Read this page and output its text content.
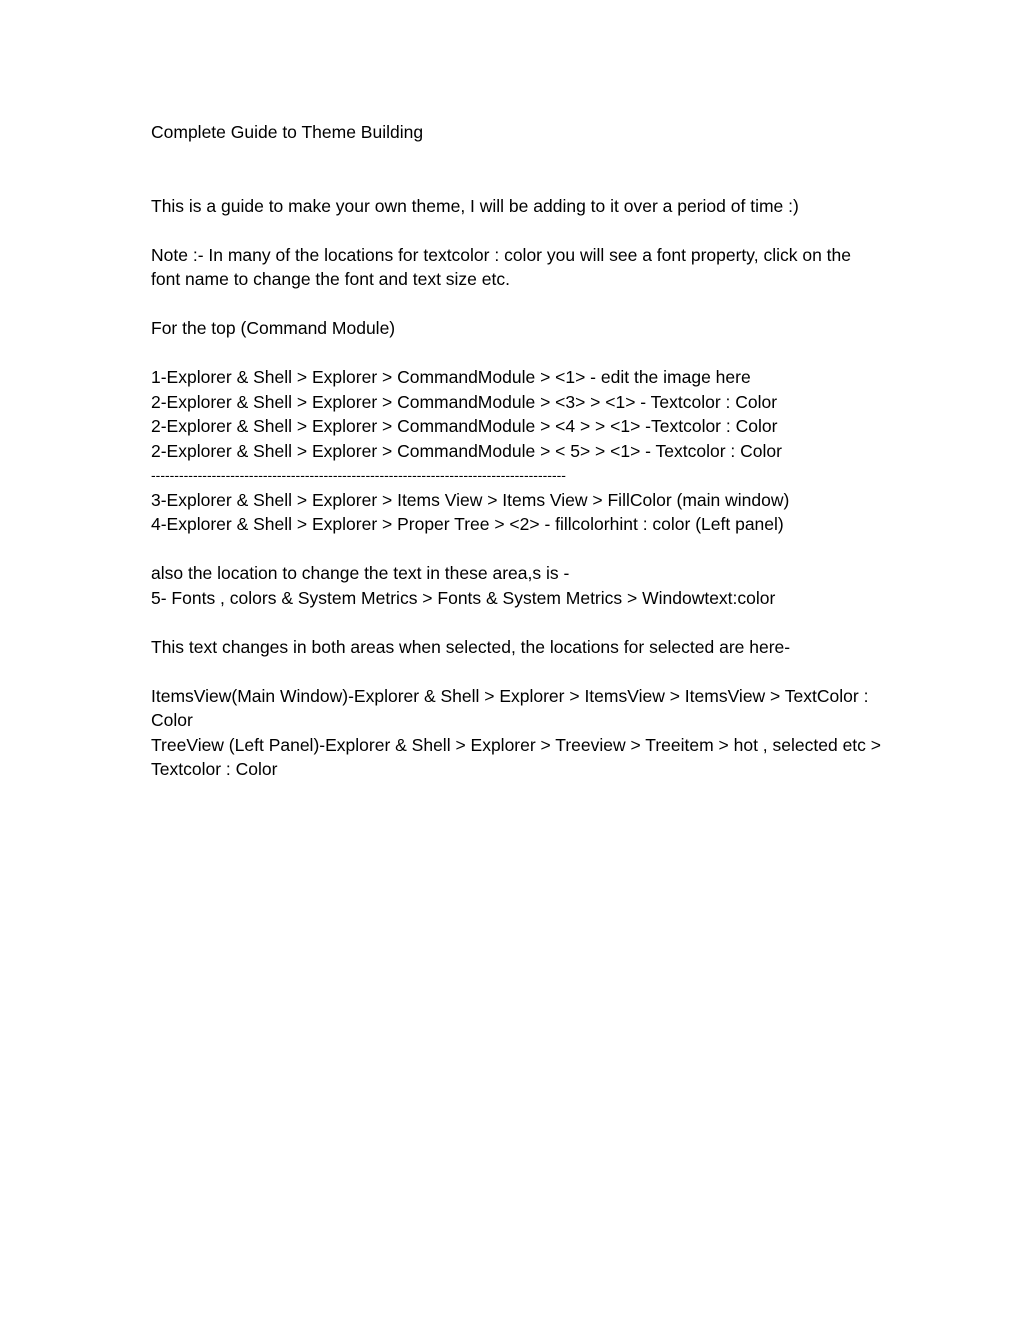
Complete Guide to Theme Building
This is a guide to make your own theme, I will be adding to it over a period of time :)
Note :- In many of the locations for textcolor : color you will see a font property, click on the font name to change the font and text size etc.
For the top (Command Module)
1-Explorer & Shell > Explorer > CommandModule > <1> - edit the image here
2-Explorer & Shell > Explorer > CommandModule > <3> > <1> - Textcolor : Color
2-Explorer & Shell > Explorer > CommandModule > <4 > > <1> -Textcolor : Color
2-Explorer & Shell > Explorer > CommandModule > < 5> > <1> - Textcolor : Color
-----------------------------------------------------------------------------------------
3-Explorer & Shell > Explorer > Items View > Items View > FillColor (main window)
4-Explorer & Shell > Explorer > Proper Tree > <2> - fillcolorhint : color (Left panel)
also the location to change the text in these area,s is -
5- Fonts , colors & System Metrics > Fonts & System Metrics > Windowtext:color
This text changes in both areas when selected, the locations for selected are here-
ItemsView(Main Window)-Explorer & Shell > Explorer > ItemsView > ItemsView > TextColor : Color
TreeView (Left Panel)-Explorer & Shell > Explorer > Treeview > Treeitem > hot , selected etc > Textcolor : Color
